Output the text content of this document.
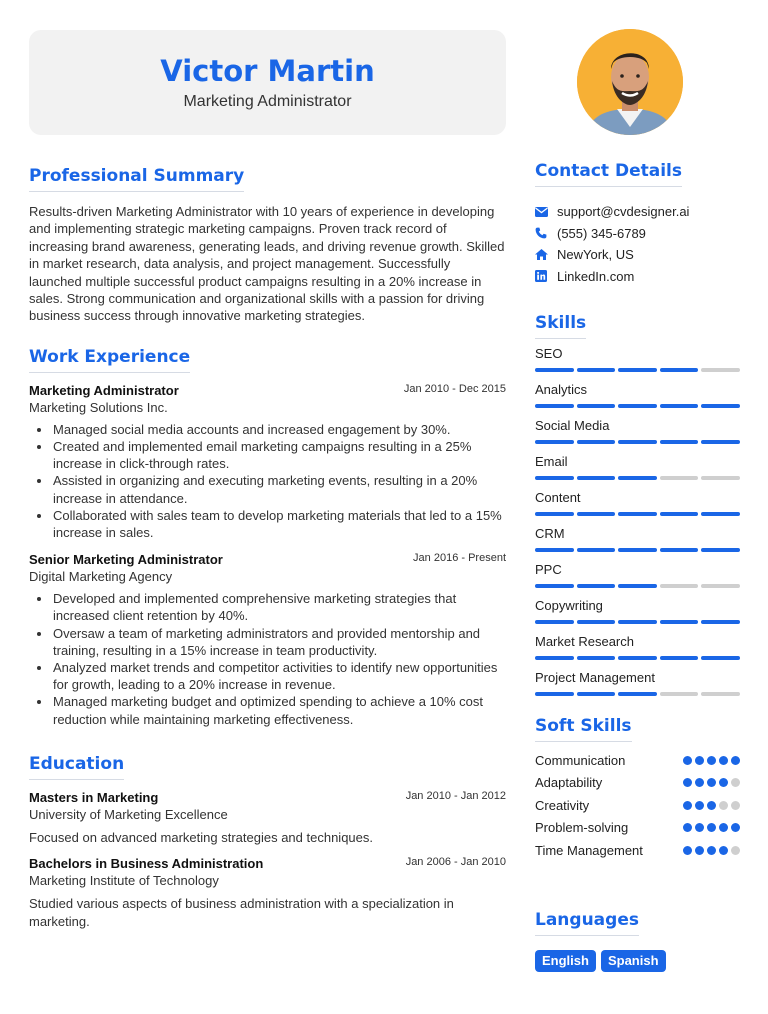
Victor Martin
Marketing Administrator
Professional Summary

Results-driven Marketing Administrator with 10 years of experience in developing and implementing strategic marketing campaigns. Proven track record of increasing brand awareness, generating leads, and driving revenue growth. Skilled in market research, data analysis, and project management. Successfully launched multiple successful product campaigns resulting in a 20% increase in sales. Strong communication and organizational skills with a passion for driving business success through innovative marketing strategies.

Work Experience
Marketing Administrator	Jan 2010 - Dec 2015
Marketing Solutions Inc.
Managed social media accounts and increased engagement by 30%.
Created and implemented email marketing campaigns resulting in a 25% increase in click-through rates.
Assisted in organizing and executing marketing events, resulting in a 20% increase in attendance.
Collaborated with sales team to develop marketing materials that led to a 15% increase in sales.
Senior Marketing Administrator	Jan 2016 - Present
Digital Marketing Agency
Developed and implemented comprehensive marketing strategies that increased client retention by 40%.
Oversaw a team of marketing administrators and provided mentorship and training, resulting in a 15% increase in team productivity.
Analyzed market trends and competitor activities to identify new opportunities for growth, leading to a 20% increase in revenue.
Managed marketing budget and optimized spending to achieve a 10% cost reduction while maintaining marketing effectiveness.
Education
Masters in Marketing	Jan 2010 - Jan 2012
University of Marketing Excellence
Focused on advanced marketing strategies and techniques.
Bachelors in Business Administration	Jan 2006 - Jan 2010
Marketing Institute of Technology
Studied various aspects of business administration with a specialization in marketing.
Contact Details
support@cvdesigner.ai
(555) 345-6789
NewYork, US
LinkedIn.com
Skills
SEO
Analytics
Social Media
Email
Content
CRM
PPC
Copywriting
Market Research
Project Management
Soft Skills
Communication
Adaptability
Creativity
Problem-solving
Time Management
Languages
English	Spanish
